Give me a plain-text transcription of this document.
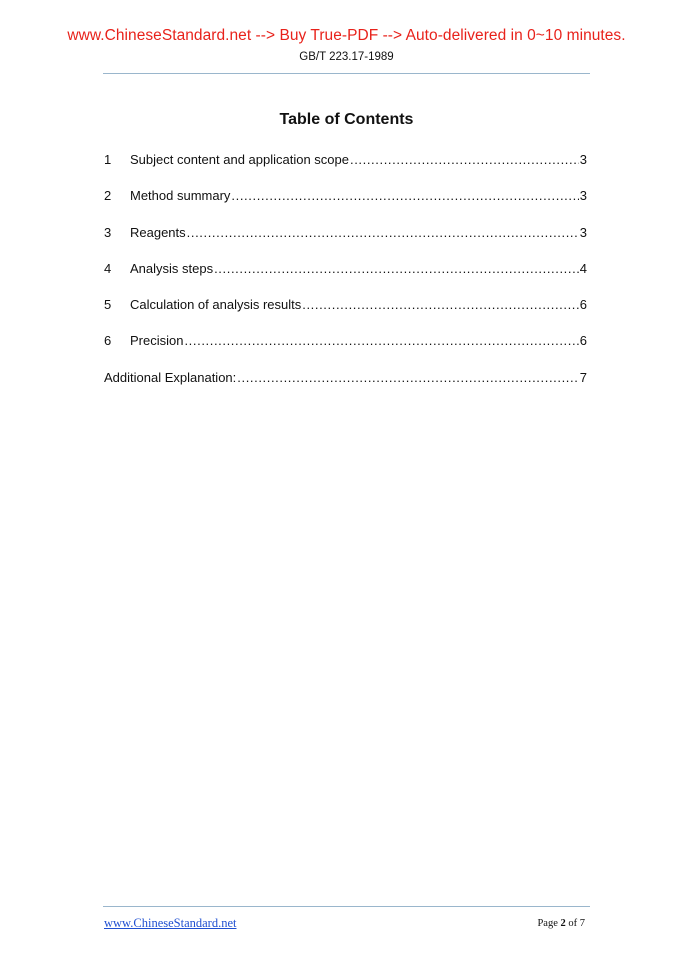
www.ChineseStandard.net --> Buy True-PDF --> Auto-delivered in 0~10 minutes.
GB/T 223.17-1989
Table of Contents
1	Subject content and application scope .....	3
2	Method summary .....	3
3	Reagents .....	3
4	Analysis steps .....	4
5	Calculation of analysis results .....	6
6	Precision .....	6
Additional Explanation: .....	7
www.ChineseStandard.net	Page 2 of 7
